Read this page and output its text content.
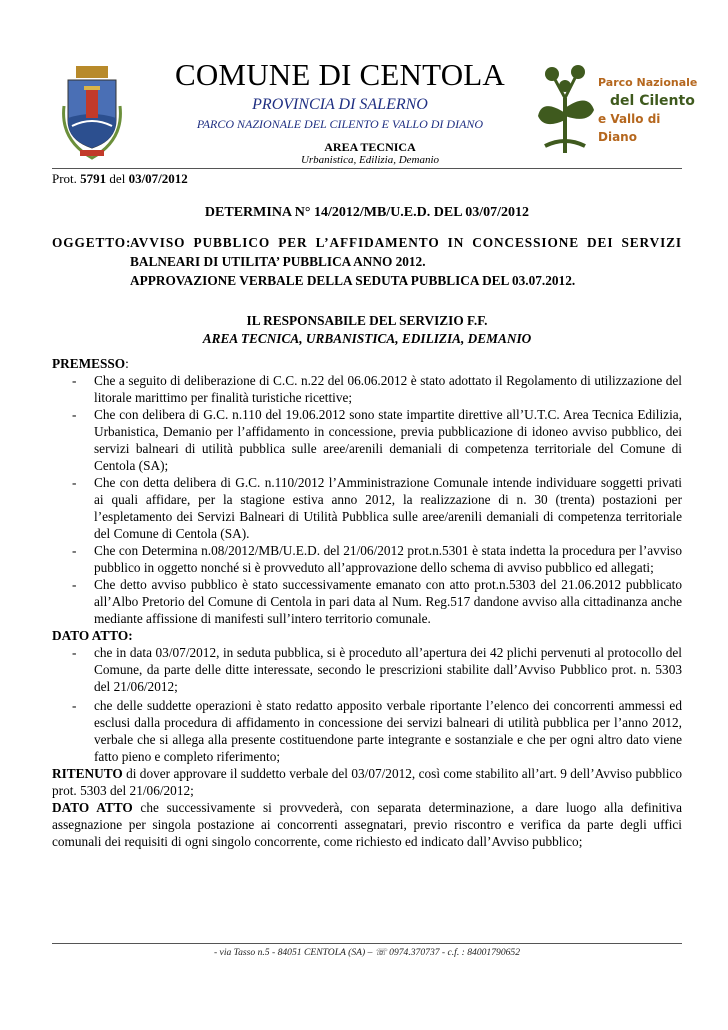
Parco Nazionale
del Cilento
e Vallo di Diano
COMUNE DI CENTOLA
PROVINCIA DI SALERNO
PARCO NAZIONALE DEL CILENTO E VALLO DI DIANO
AREA TECNICA
Urbanistica, Edilizia, Demanio
Prot. 5791 del 03/07/2012
DETERMINA N° 14/2012/MB/U.E.D. DEL 03/07/2012
OGGETTO:
AVVISO PUBBLICO PER L’AFFIDAMENTO IN CONCESSIONE DEI SERVIZI
BALNEARI DI UTILITA’ PUBBLICA ANNO 2012.
APPROVAZIONE VERBALE DELLA SEDUTA PUBBLICA DEL 03.07.2012.
IL RESPONSABILE DEL SERVIZIO F.F.
AREA TECNICA, URBANISTICA, EDILIZIA, DEMANIO

PREMESSO:

- Che a seguito di deliberazione di C.C. n.22 del 06.06.2012 è stato adottato il Regolamento di utilizzazione del litorale marittimo per finalità turistiche ricettive;
- Che con delibera di G.C. n.110 del 19.06.2012 sono state impartite direttive all’U.T.C. Area Tecnica Edilizia, Urbanistica, Demanio per l’affidamento in concessione, previa pubblicazione di idoneo avviso pubblico, dei servizi balneari di utilità pubblica sulle aree/arenili demaniali di competenza territoriale del Comune di Centola (SA);
- Che con detta delibera di G.C. n.110/2012 l’Amministrazione Comunale intende individuare soggetti privati ai quali affidare, per la stagione estiva anno 2012, la realizzazione di n. 30 (trenta) postazioni per l’espletamento dei Servizi Balneari di Utilità Pubblica sulle aree/arenili demaniali di competenza territoriale del Comune di Centola (SA).
- Che con Determina n.08/2012/MB/U.E.D. del 21/06/2012 prot.n.5301 è stata indetta la procedura per l’avviso pubblico in oggetto nonché si è provveduto all’approvazione dello schema di avviso pubblico ed allegati;
- Che detto avviso pubblico è stato successivamente emanato con atto prot.n.5303 del 21.06.2012 pubblicato all’Albo Pretorio del Comune di Centola in pari data al Num. Reg.517 dandone avviso alla cittadinanza anche mediante affissione di manifesti sull’intero territorio comunale.

DATO ATTO:

- che in data 03/07/2012, in seduta pubblica, si è proceduto all’apertura dei 42 plichi pervenuti al protocollo del Comune, da parte delle ditte interessate, secondo le prescrizioni stabilite dall’Avviso Pubblico prot. n. 5303 del 21/06/2012;
- che delle suddette operazioni è stato redatto apposito verbale riportante l’elenco dei concorrenti ammessi ed esclusi dalla procedura di affidamento in concessione dei servizi balneari di utilità pubblica per l’anno 2012, verbale che si allega alla presente costituendone parte integrante e sostanziale e che per ogni altro dato viene fatto pieno e completo riferimento;

RITENUTO di dover approvare il suddetto verbale del 03/07/2012, così come stabilito all’art. 9 dell’Avviso pubblico prot. 5303 del 21/06/2012;

DATO ATTO che successivamente si provvederà, con separata determinazione, a dare luogo alla definitiva assegnazione per singola postazione ai concorrenti assegnatari, previo riscontro e verifica da parte degli uffici comunali dei requisiti di ogni singolo concorrente, come richiesto ed indicato dall’Avviso pubblico;

- via Tasso n.5 - 84051 CENTOLA (SA) – ☏ 0974.370737 - c.f. : 84001790652
